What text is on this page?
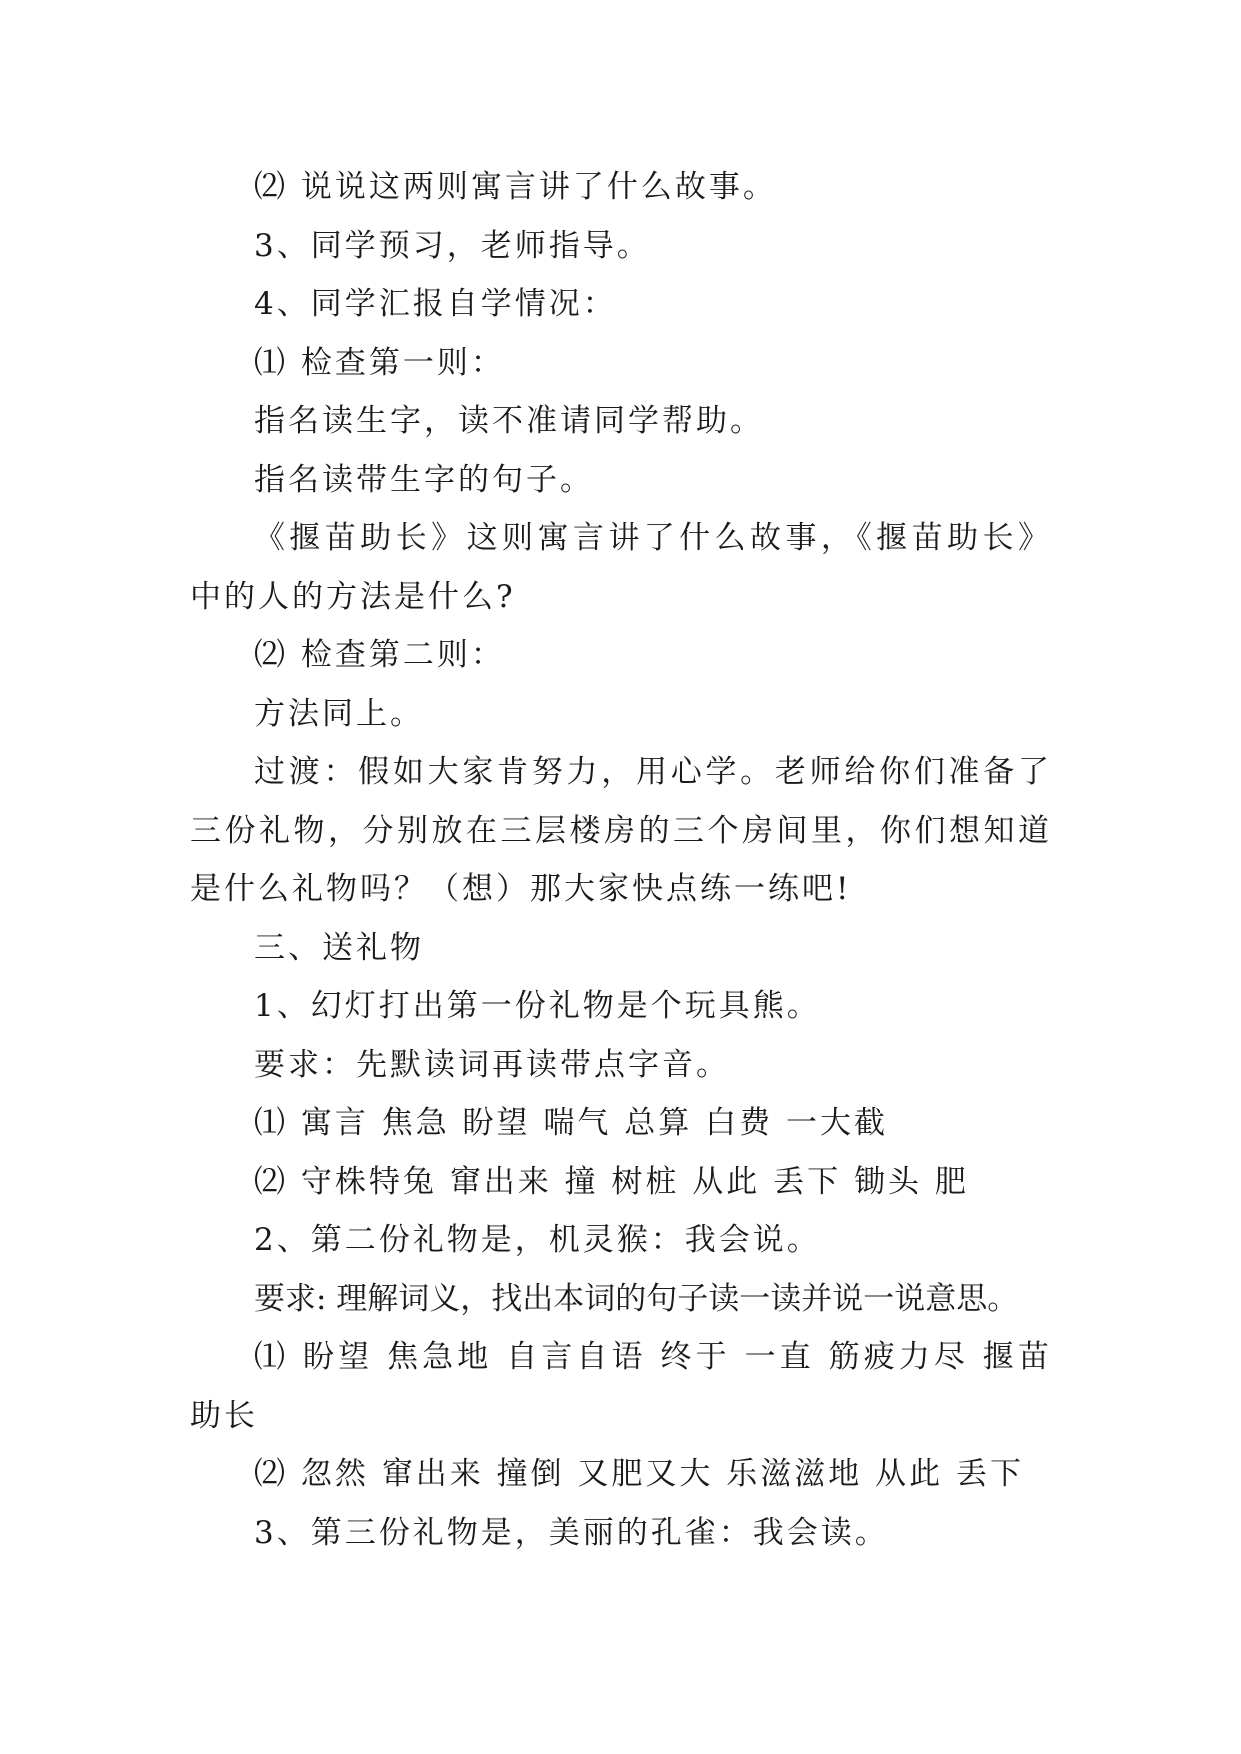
⑵ 说说这两则寓言讲了什么故事。

3、同学预习，老师指导。

4、同学汇报自学情况：

⑴ 检查第一则：

指名读生字，读不准请同学帮助。

指名读带生字的句子。

《揠苗助长》这则寓言讲了什么故事，《揠苗助长》中的人的方法是什么?

⑵ 检查第二则：

方法同上。

过渡：假如大家肯努力，用心学。老师给你们准备了三份礼物，分别放在三层楼房的三个房间里，你们想知道是什么礼物吗？（想）那大家快点练一练吧!

三、送礼物

1、幻灯打出第一份礼物是个玩具熊。

要求：先默读词再读带点字音。

⑴ 寓言 焦急 盼望 喘气 总算 白费 一大截

⑵ 守株特兔 窜出来 撞 树桩 从此 丢下 锄头 肥

2、第二份礼物是，机灵猴：我会说。

要求: 理解词义，找出本词的句子读一读并说一说意思。

⑴ 盼望 焦急地 自言自语 终于 一直 筋疲力尽 揠苗助长

⑵ 忽然 窜出来 撞倒 又肥又大 乐滋滋地 从此 丢下

3、第三份礼物是，美丽的孔雀：我会读。
